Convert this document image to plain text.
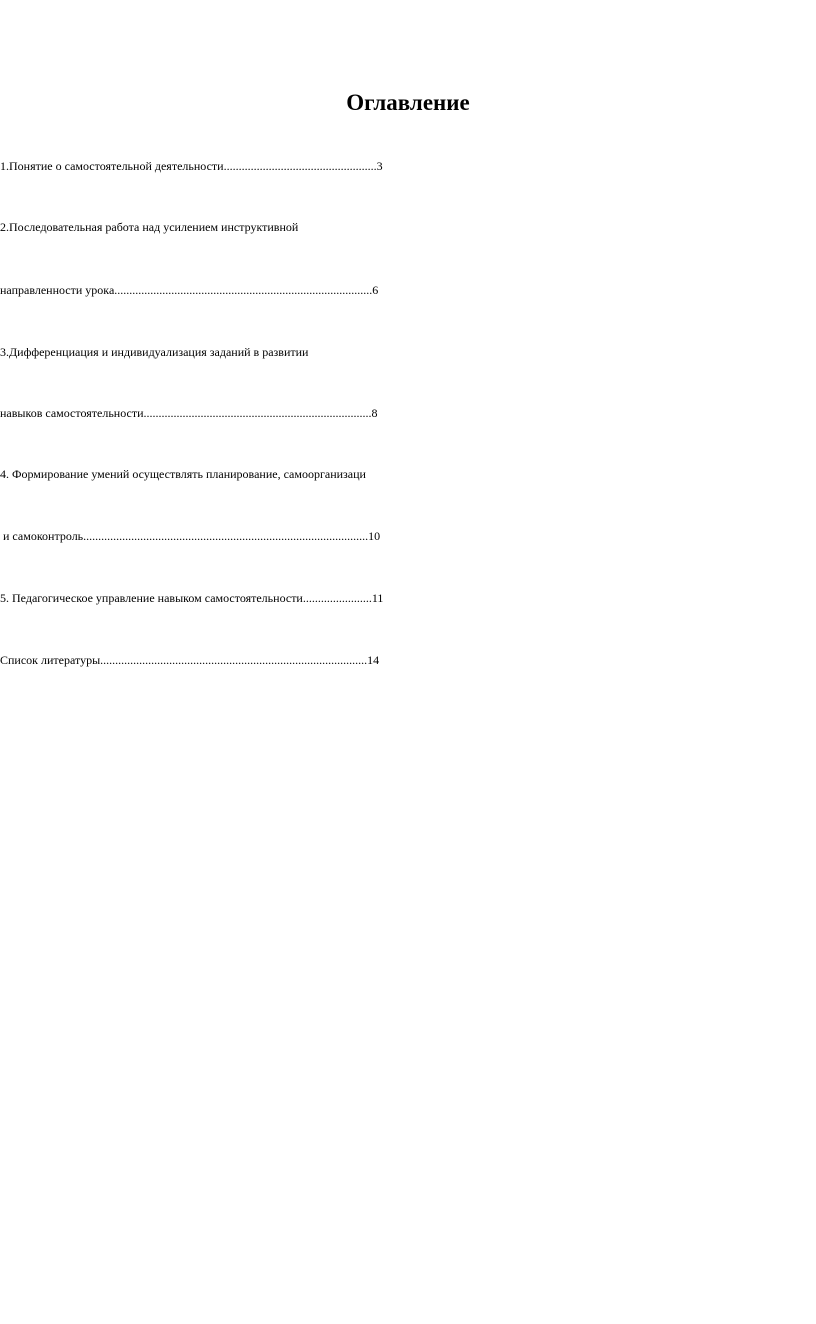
Оглавление
1.Понятие о самостоятельной деятельности...................................................3
2.Последовательная работа над усилением инструктивной
направленности урока......................................................................................6
3.Дифференциация и индивидуализация заданий в развитии
навыков самостоятельности............................................................................8
4. Формирование умений осуществлять планирование, самоорганизаци
и самоконтроль...............................................................................................10
5. Педагогическое управление навыком самостоятельности.......................11
Список литературы.........................................................................................14
